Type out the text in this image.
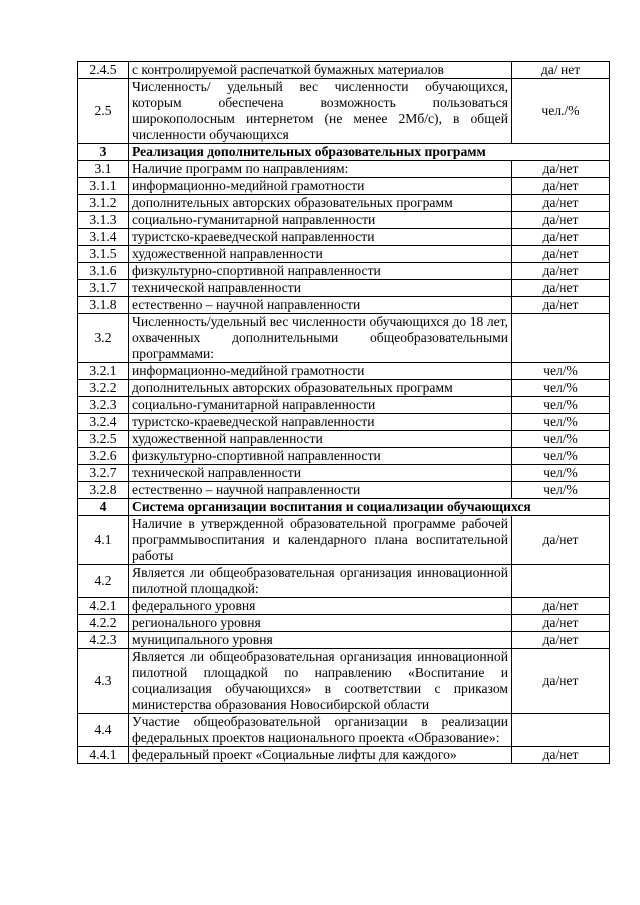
2.4.5	с контролируемой распечаткой бумажных материалов	да/ нет
2.5	Численность/ удельный вес численности обучающихся, которым обеспечена возможность пользоваться широкополосным интернетом (не менее 2Мб/с), в общей численности обучающихся	чел./%
3	Реализация дополнительных образовательных программ	
3.1	Наличие программ по направлениям:	да/нет
3.1.1	информационно-медийной грамотности	да/нет
3.1.2	дополнительных авторских образовательных программ	да/нет
3.1.3	социально-гуманитарной направленности	да/нет
3.1.4	туристско-краеведческой направленности	да/нет
3.1.5	художественной направленности	да/нет
3.1.6	физкультурно-спортивной направленности	да/нет
3.1.7	технической направленности	да/нет
3.1.8	естественно – научной направленности	да/нет
3.2	Численность/удельный вес численности обучающихся до 18 лет, охваченных дополнительными общеобразовательными программами:	
3.2.1	информационно-медийной грамотности	чел/%
3.2.2	дополнительных авторских образовательных программ	чел/%
3.2.3	социально-гуманитарной направленности	чел/%
3.2.4	туристско-краеведческой направленности	чел/%
3.2.5	художественной направленности	чел/%
3.2.6	физкультурно-спортивной направленности	чел/%
3.2.7	технической направленности	чел/%
3.2.8	естественно – научной направленности	чел/%
4	Система организации воспитания и социализации обучающихся	
4.1	Наличие в утвержденной образовательной программе рабочей программывоспитания и календарного плана воспитательной работы	да/нет
4.2	Является ли общеобразовательная организация инновационной пилотной площадкой:	
4.2.1	федерального уровня	да/нет
4.2.2	регионального уровня	да/нет
4.2.3	муниципального уровня	да/нет
4.3	Является ли общеобразовательная организация инновационной пилотной площадкой по направлению «Воспитание и социализация обучающихся» в соответствии с приказом министерства образования Новосибирской области	да/нет
4.4	Участие общеобразовательной организации в реализации федеральных проектов национального проекта «Образование»:	
4.4.1	федеральный проект «Социальные лифты для каждого»	да/нет
